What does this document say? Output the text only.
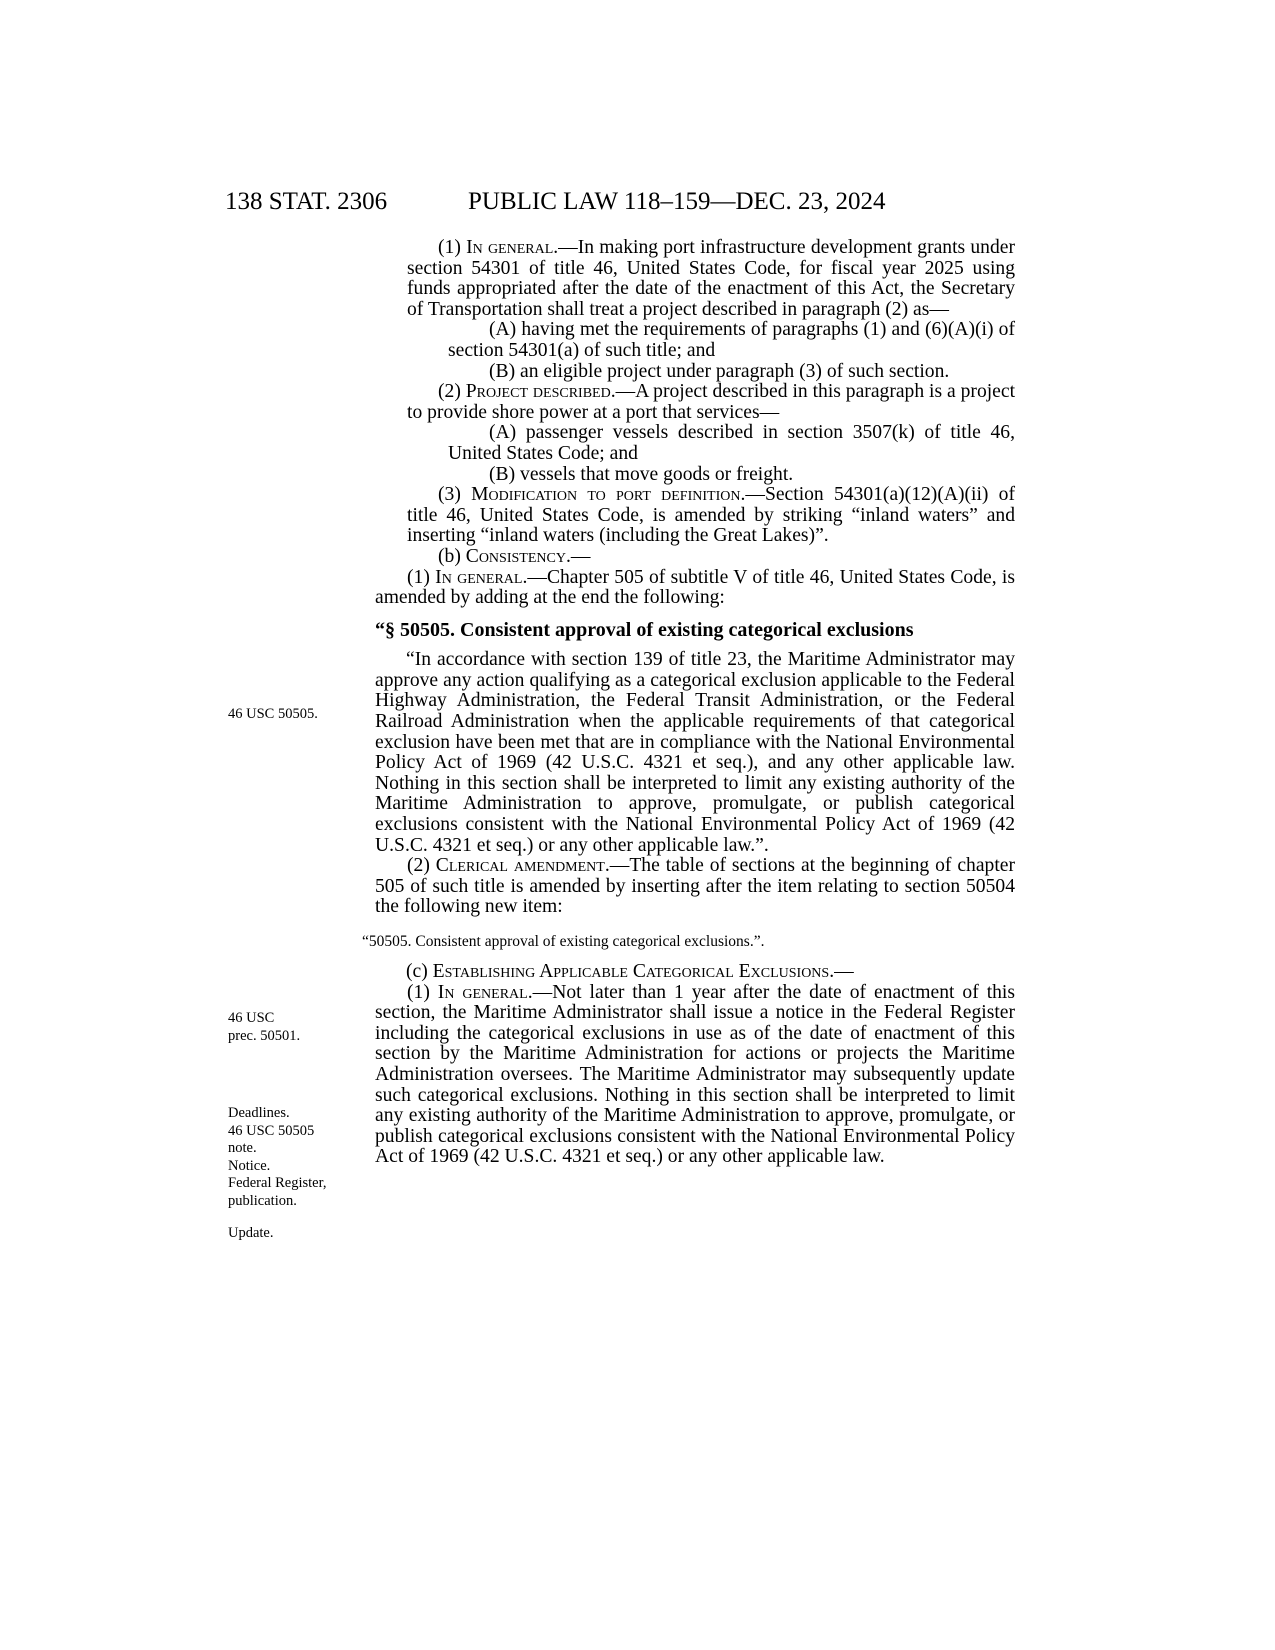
138 STAT. 2306	PUBLIC LAW 118–159—DEC. 23, 2024
46 USC 50505.
46 USC
prec. 50501.
Deadlines.
46 USC 50505
note.
Notice.
Federal Register,
publication.
Update.

(1) In general.—In making port infrastructure development grants under section 54301 of title 46, United States Code, for fiscal year 2025 using funds appropriated after the date of the enactment of this Act, the Secretary of Transportation shall treat a project described in paragraph (2) as—

(A) having met the requirements of paragraphs (1) and (6)(A)(i) of section 54301(a) of such title; and

(B) an eligible project under paragraph (3) of such section.

(2) Project described.—A project described in this paragraph is a project to provide shore power at a port that services—

(A) passenger vessels described in section 3507(k) of title 46, United States Code; and

(B) vessels that move goods or freight.

(3) Modification to port definition.—Section 54301(a)(12)(A)(ii) of title 46, United States Code, is amended by striking “inland waters” and inserting “inland waters (including the Great Lakes)”.

(b) Consistency.—

(1) In general.—Chapter 505 of subtitle V of title 46, United States Code, is amended by adding at the end the following:

“§ 50505. Consistent approval of existing categorical exclusions

“In accordance with section 139 of title 23, the Maritime Administrator may approve any action qualifying as a categorical exclusion applicable to the Federal Highway Administration, the Federal Transit Administration, or the Federal Railroad Administration when the applicable requirements of that categorical exclusion have been met that are in compliance with the National Environmental Policy Act of 1969 (42 U.S.C. 4321 et seq.), and any other applicable law. Nothing in this section shall be interpreted to limit any existing authority of the Maritime Administration to approve, promulgate, or publish categorical exclusions consistent with the National Environmental Policy Act of 1969 (42 U.S.C. 4321 et seq.) or any other applicable law.”.

(2) Clerical amendment.—The table of sections at the beginning of chapter 505 of such title is amended by inserting after the item relating to section 50504 the following new item:

“50505. Consistent approval of existing categorical exclusions.”.

(c) Establishing Applicable Categorical Exclusions.—

(1) In general.—Not later than 1 year after the date of enactment of this section, the Maritime Administrator shall issue a notice in the Federal Register including the categorical exclusions in use as of the date of enactment of this section by the Maritime Administration for actions or projects the Maritime Administration oversees. The Maritime Administrator may subsequently update such categorical exclusions. Nothing in this section shall be interpreted to limit any existing authority of the Maritime Administration to approve, promulgate, or publish categorical exclusions consistent with the National Environmental Policy Act of 1969 (42 U.S.C. 4321 et seq.) or any other applicable law.
